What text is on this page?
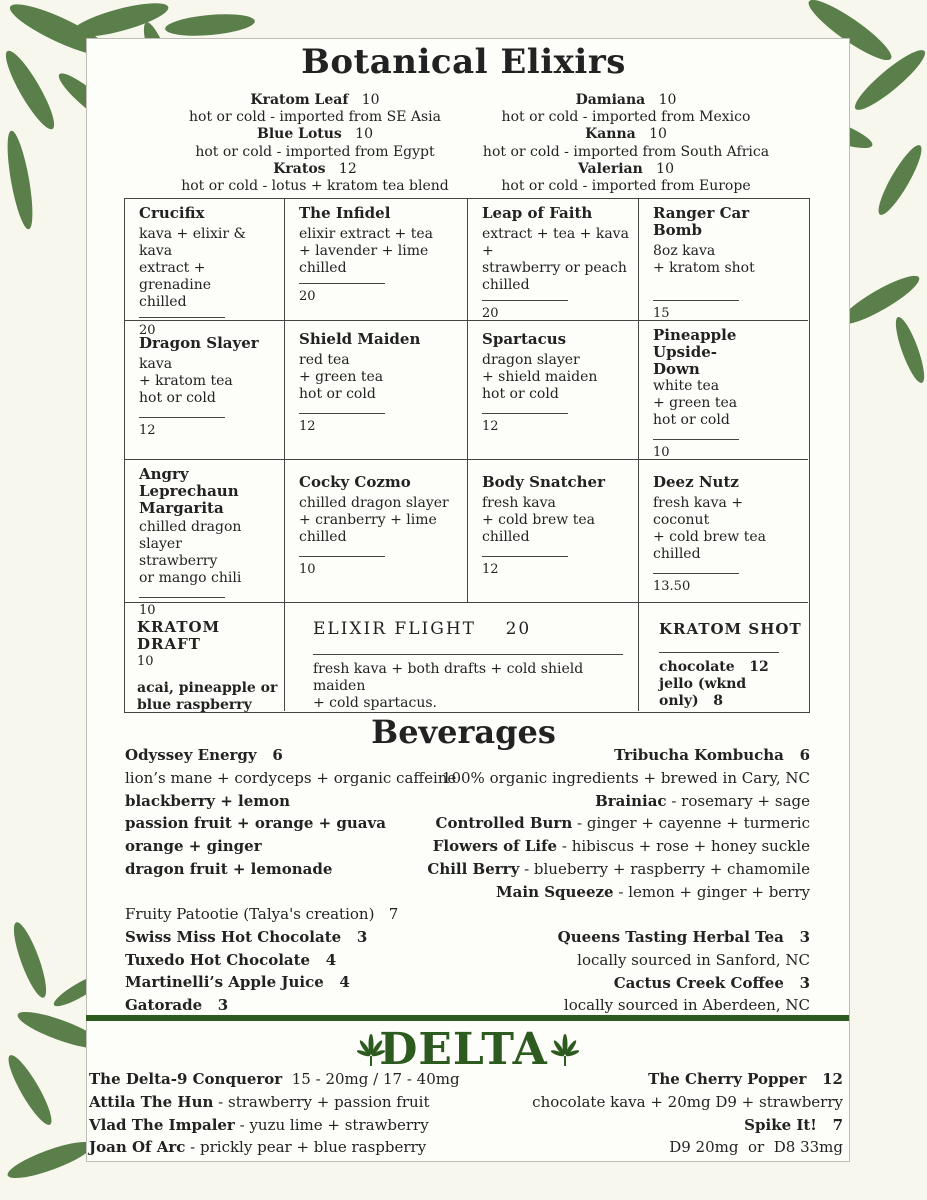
Botanical Elixirs
Kratom Leaf 10
hot or cold - imported from SE Asia
Blue Lotus 10
hot or cold - imported from Egypt
Kratos 12
hot or cold - lotus + kratom tea blend
Damiana 10
hot or cold - imported from Mexico
Kanna 10
hot or cold - imported from South Africa
Valerian 10
hot or cold - imported from Europe
Crucifix
kava + elixir & kava
extract + grenadine
chilled
20
The Infidel
elixir extract + tea
+ lavender + lime
chilled
20
Leap of Faith
extract + tea + kava +
strawberry or peach
chilled
20
Ranger Car Bomb
8oz kava
+ kratom shot
15
Dragon Slayer
kava
+ kratom tea
hot or cold
12
Shield Maiden
red tea
+ green tea
hot or cold
12
Spartacus
dragon slayer
+ shield maiden
hot or cold
12
Pineapple Upside-Down
white tea
+ green tea
hot or cold
10
Angry Leprechaun Margarita
chilled dragon slayer
strawberry
or mango chili
10
Cocky Cozmo
chilled dragon slayer
+ cranberry + lime
chilled
10
Body Snatcher
fresh kava
+ cold brew tea
chilled
12
Deez Nutz
fresh kava + coconut
+ cold brew tea
chilled
13.50
KRATOM DRAFT
10
acai, pineapple or
blue raspberry
ELIXIR FLIGHT 20
fresh kava + both drafts + cold shield maiden
+ cold spartacus.
KRATOM SHOT
chocolate 12
jello (wknd only) 8
Beverages
Odyssey Energy 6
lion’s mane + cordyceps + organic caffeine
blackberry + lemon
passion fruit + orange + guava
orange + ginger
dragon fruit + lemonade
Fruity Patootie (Talya's creation) 7
Swiss Miss Hot Chocolate 3
Tuxedo Hot Chocolate 4
Martinelli’s Apple Juice 4
Gatorade 3
Tribucha Kombucha 6
100% organic ingredients + brewed in Cary, NC
Brainiac - rosemary + sage
Controlled Burn - ginger + cayenne + turmeric
Flowers of Life - hibiscus + rose + honey suckle
Chill Berry - blueberry + raspberry + chamomile
Main Squeeze - lemon + ginger + berry
Queens Tasting Herbal Tea 3
locally sourced in Sanford, NC
Cactus Creek Coffee 3
locally sourced in Aberdeen, NC
DELTA
The Delta-9 Conqueror 15 - 20mg / 17 - 40mg
Attila The Hun - strawberry + passion fruit
Vlad The Impaler - yuzu lime + strawberry
Joan Of Arc - prickly pear + blue raspberry
The Cherry Popper 12
chocolate kava + 20mg D9 + strawberry
Spike It! 7
D9 20mg  or  D8 33mg
